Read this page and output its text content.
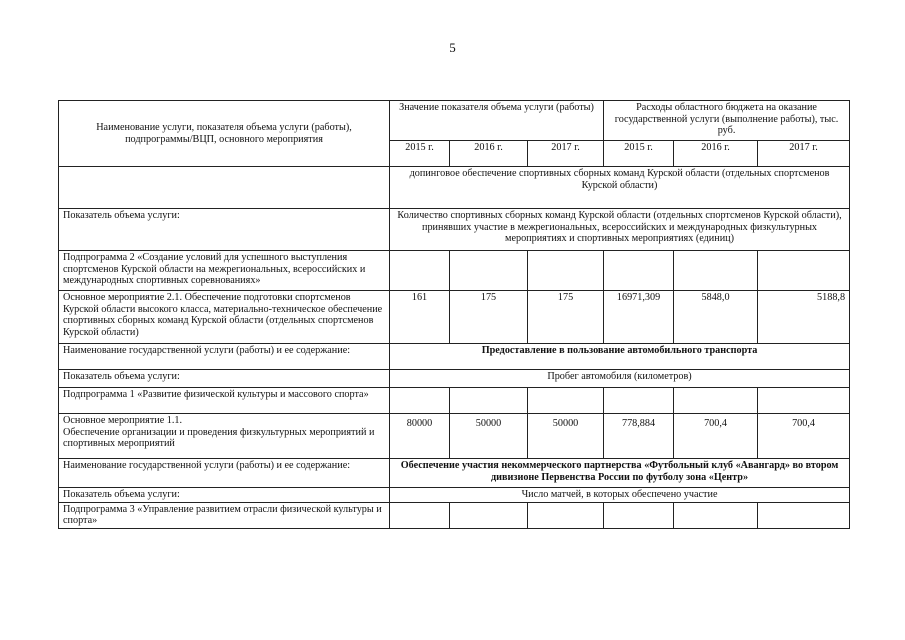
5
Наименование услуги, показателя объема услуги (работы), подпрограммы/ВЦП, основного мероприятия	Значение показателя объема услуги (работы)			Расходы областного бюджета на оказание государственной услуги (выполнение работы), тыс. руб.		
	2015 г.	2016 г.	2017 г.	2015 г.	2016 г.	2017 г.
	допинговое обеспечение спортивных сборных команд Курской области (отдельных спортсменов Курской области)					
Показатель объема услуги:	Количество спортивных сборных команд Курской области (отдельных спортсменов Курской области), принявших участие в межрегиональных, всероссийских и международных физкультурных мероприятиях и спортивных мероприятиях (единиц)					
Подпрограмма 2 «Создание условий для успешного выступления спортсменов Курской области на межрегиональных, всероссийских и международных спортивных соревнованиях»						
Основное мероприятие 2.1. Обеспечение подготовки спортсменов Курской области высокого класса, материально-техническое обеспечение спортивных сборных команд Курской области (отдельных спортсменов Курской области)	161	175	175	16971,309	5848,0	5188,8
Наименование государственной услуги (работы) и ее содержание:	Предоставление в пользование автомобильного транспорта					
Показатель объема услуги:	Пробег автомобиля (километров)					
Подпрограмма 1 «Развитие физической культуры и массового спорта»						

Основное мероприятие 1.1.
Обеспечение организации и проведения физкультурных мероприятий и спортивных мероприятий	80000	50000	50000	778,884	700,4	700,4
Наименование государственной услуги (работы) и ее содержание:	Обеспечение участия некоммерческого партнерства «Футбольный клуб «Авангард» во втором дивизионе Первенства России по футболу зона «Центр»					
Показатель объема услуги:	Число матчей, в которых обеспечено участие					
Подпрограмма 3 «Управление развитием отрасли физической культуры и спорта»						
